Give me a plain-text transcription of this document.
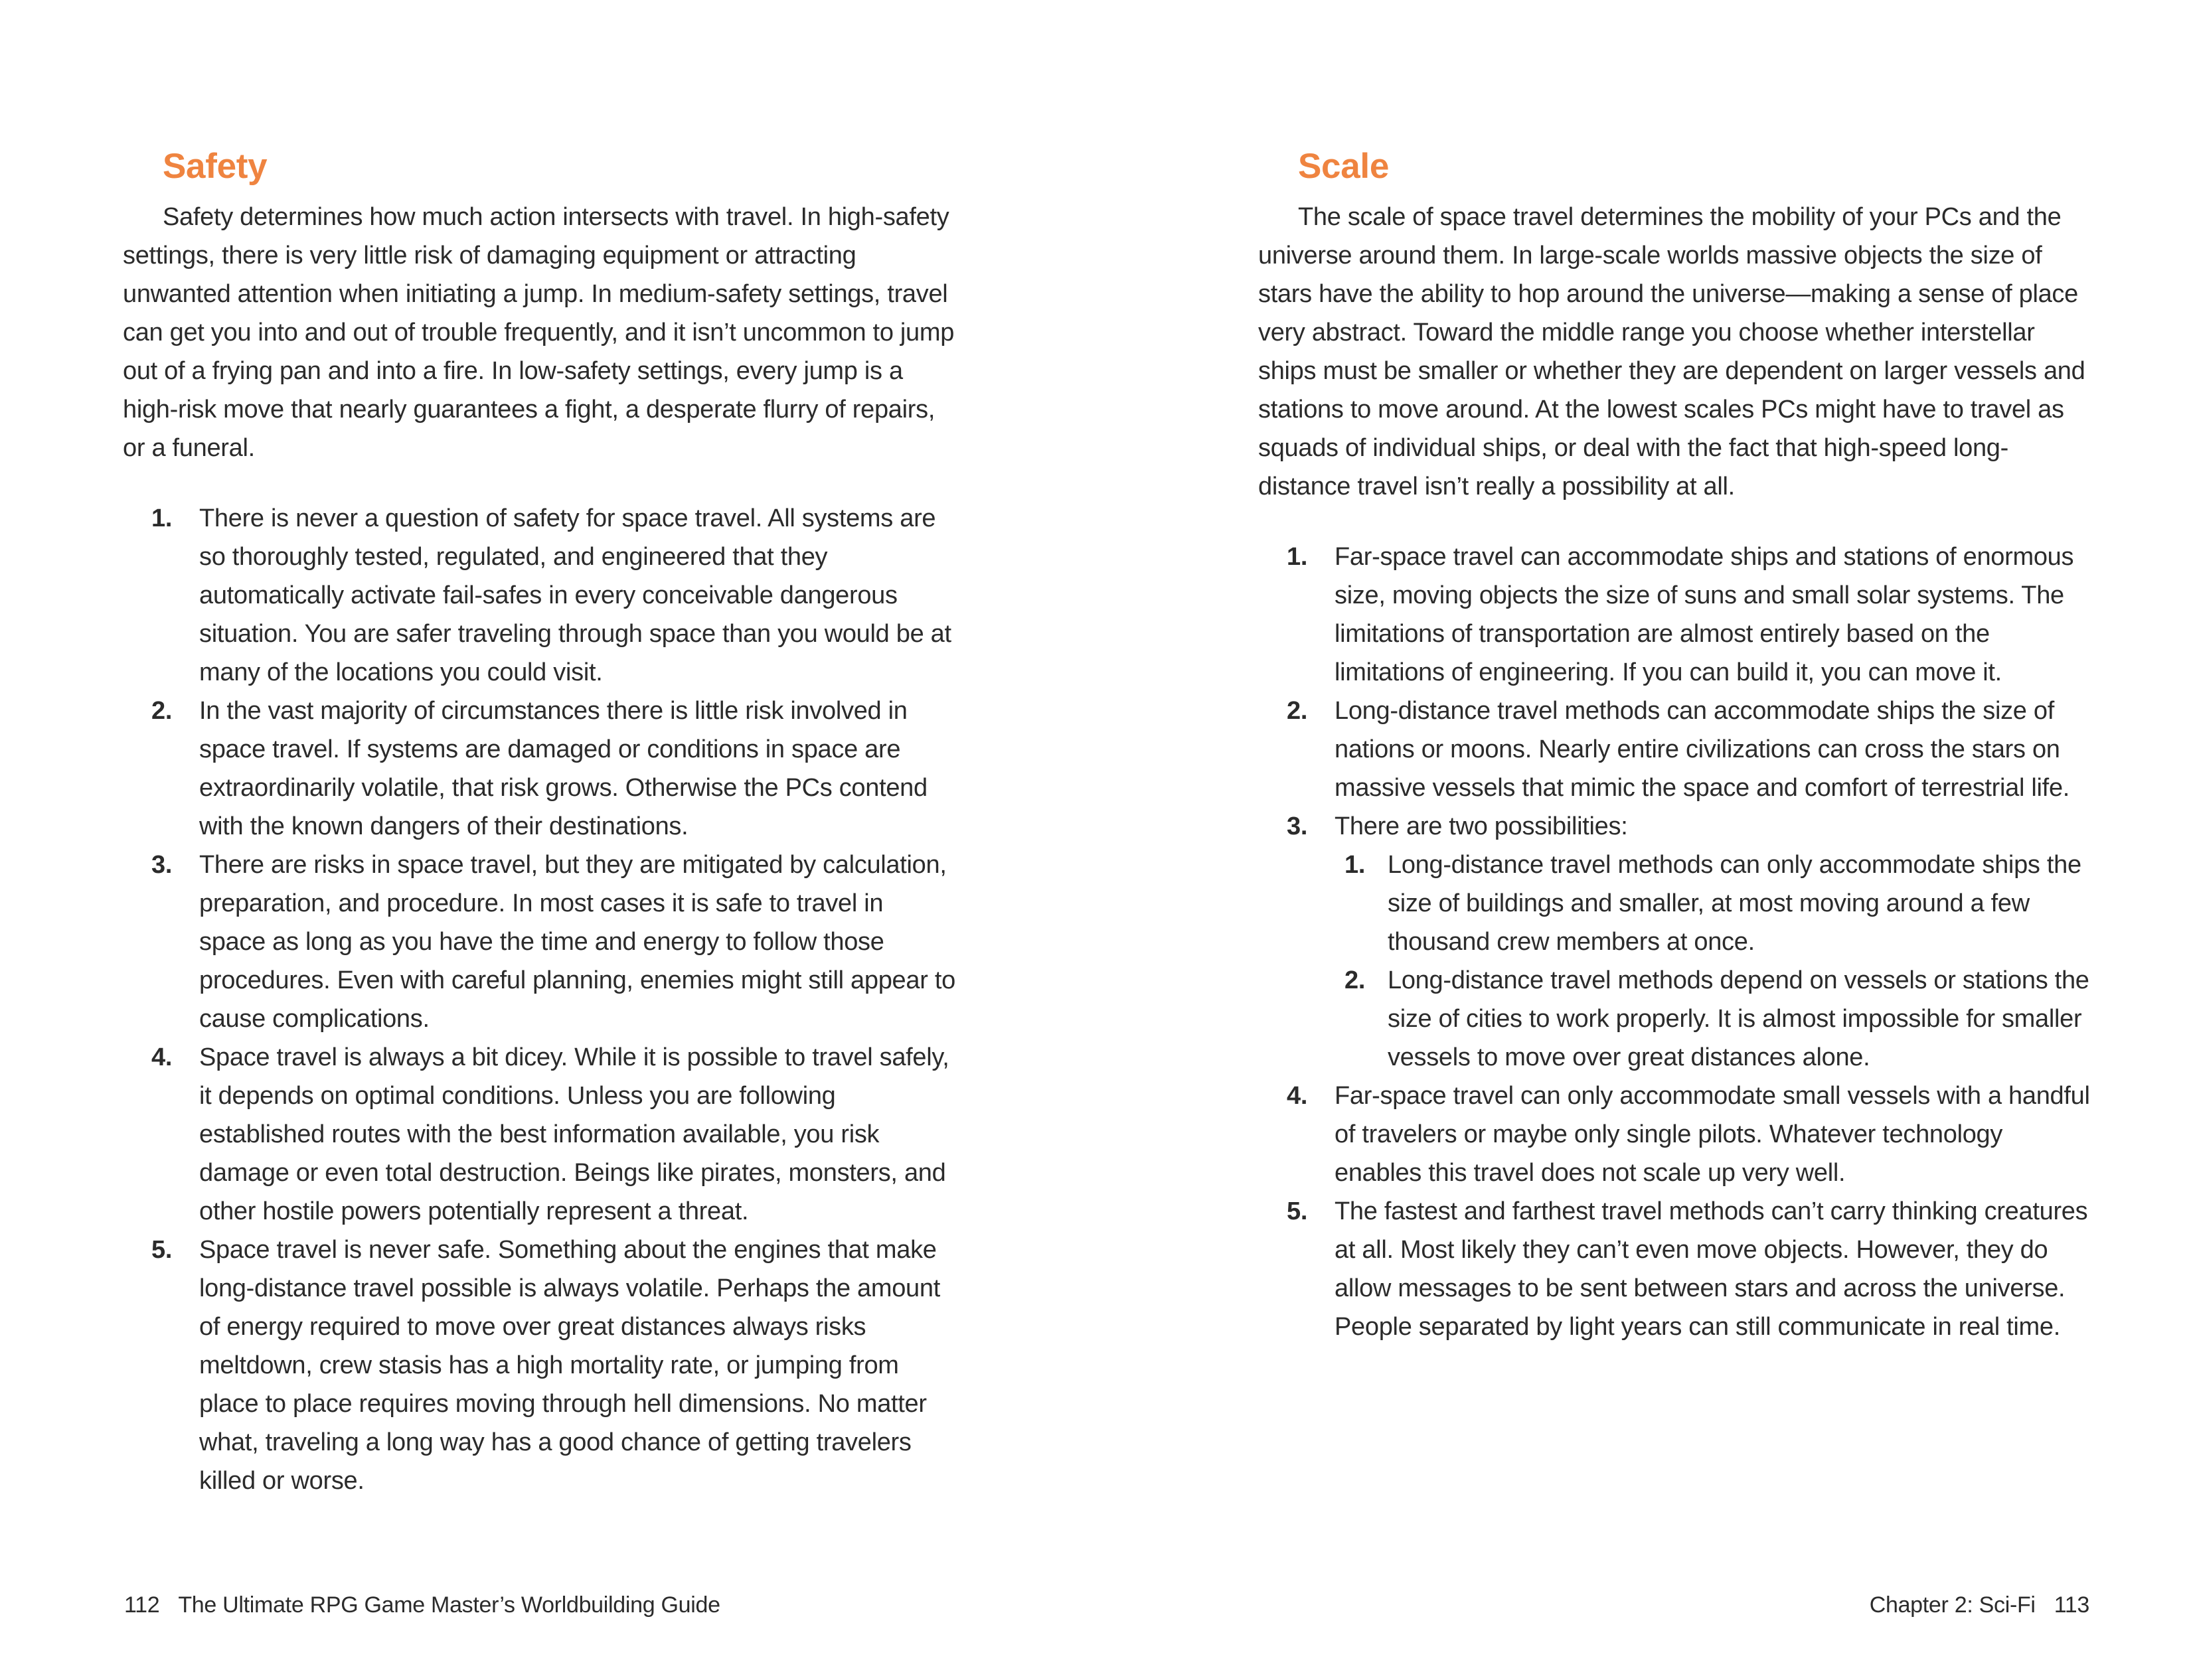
Safety

Safety determines how much action intersects with travel. In high-safety settings, there is very little risk of damaging equipment or attracting unwanted attention when initiating a jump. In medium-safety settings, travel can get you into and out of trouble frequently, and it isn’t uncommon to jump out of a frying pan and into a fire. In low-safety settings, every jump is a high-risk move that nearly guarantees a fight, a desperate flurry of repairs, or a funeral.

1.	There is never a question of safety for space travel. All systems are so thoroughly tested, regulated, and engineered that they automatically activate fail-safes in every conceivable dangerous situation. You are safer traveling through space than you would be at many of the locations you could visit.
2.	In the vast majority of circumstances there is little risk involved in space travel. If systems are damaged or conditions in space are extraordinarily volatile, that risk grows. Otherwise the PCs contend with the known dangers of their destinations.
3.	There are risks in space travel, but they are mitigated by calculation, preparation, and procedure. In most cases it is safe to travel in space as long as you have the time and energy to follow those procedures. Even with careful planning, enemies might still appear to cause complications.
4.	Space travel is always a bit dicey. While it is possible to travel safely, it depends on optimal conditions. Unless you are following established routes with the best information available, you risk damage or even total destruction. Beings like pirates, monsters, and other hostile powers potentially represent a threat.
5.	Space travel is never safe. Something about the engines that make long-distance travel possible is always volatile. Perhaps the amount of energy required to move over great distances always risks meltdown, crew stasis has a high mortality rate, or jumping from place to place requires moving through hell dimensions. No matter what, traveling a long way has a good chance of getting travelers killed or worse.
112 The Ultimate RPG Game Master’s Worldbuilding Guide
Scale

The scale of space travel determines the mobility of your PCs and the universe around them. In large-scale worlds massive objects the size of stars have the ability to hop around the universe—making a sense of place very abstract. Toward the middle range you choose whether interstellar ships must be smaller or whether they are dependent on larger vessels and stations to move around. At the lowest scales PCs might have to travel as squads of individual ships, or deal with the fact that high-speed long-distance travel isn’t really a possibility at all.

1.	Far-space travel can accommodate ships and stations of enormous size, moving objects the size of suns and small solar systems. The limitations of transportation are almost entirely based on the limitations of engineering. If you can build it, you can move it.
2.	Long-distance travel methods can accommodate ships the size of nations or moons. Nearly entire civilizations can cross the stars on massive vessels that mimic the space and comfort of terrestrial life.
3.	There are two possibilities:
1. Long-distance travel methods can only accommodate ships the size of buildings and smaller, at most moving around a few thousand crew members at once.
2. Long-distance travel methods depend on vessels or stations the size of cities to work properly. It is almost impossible for smaller vessels to move over great distances alone.
4.	Far-space travel can only accommodate small vessels with a handful of travelers or maybe only single pilots. Whatever technology enables this travel does not scale up very well.
5.	The fastest and farthest travel methods can’t carry thinking creatures at all. Most likely they can’t even move objects. However, they do allow messages to be sent between stars and across the universe. People separated by light years can still communicate in real time.
Chapter 2: Sci-Fi 113
